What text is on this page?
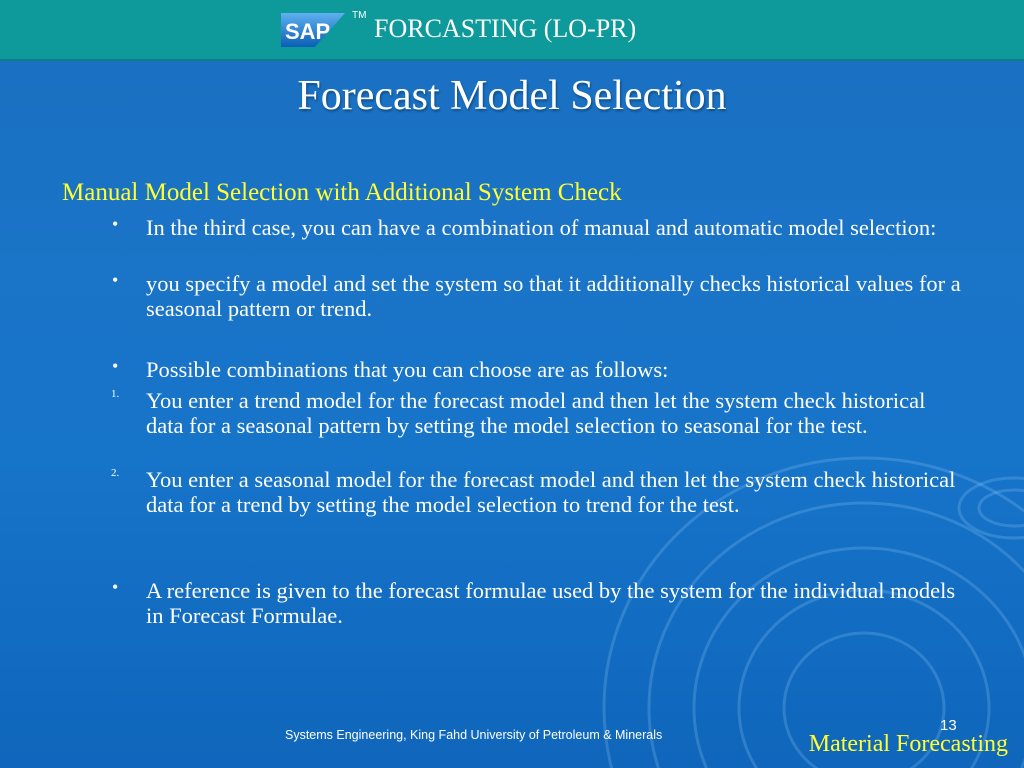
SAP
TM FORCASTING (LO-PR)
Forecast Model Selection
Manual Model Selection with Additional System Check
• In the third case, you can have a combination of manual and automatic model selection:
• you specify a model and set the system so that it additionally checks historical values for a seasonal pattern or trend.
• Possible combinations that you can choose are as follows:
1. You enter a trend model for the forecast model and then let the system check historical data for a seasonal pattern by setting the model selection to seasonal for the test.
2. You enter a seasonal model for the forecast model and then let the system check historical data for a trend by setting the model selection to trend for the test.
• A reference is given to the forecast formulae used by the system for the individual models in Forecast Formulae.
Systems Engineering, King Fahd University of Petroleum & Minerals
13
Material Forecasting
